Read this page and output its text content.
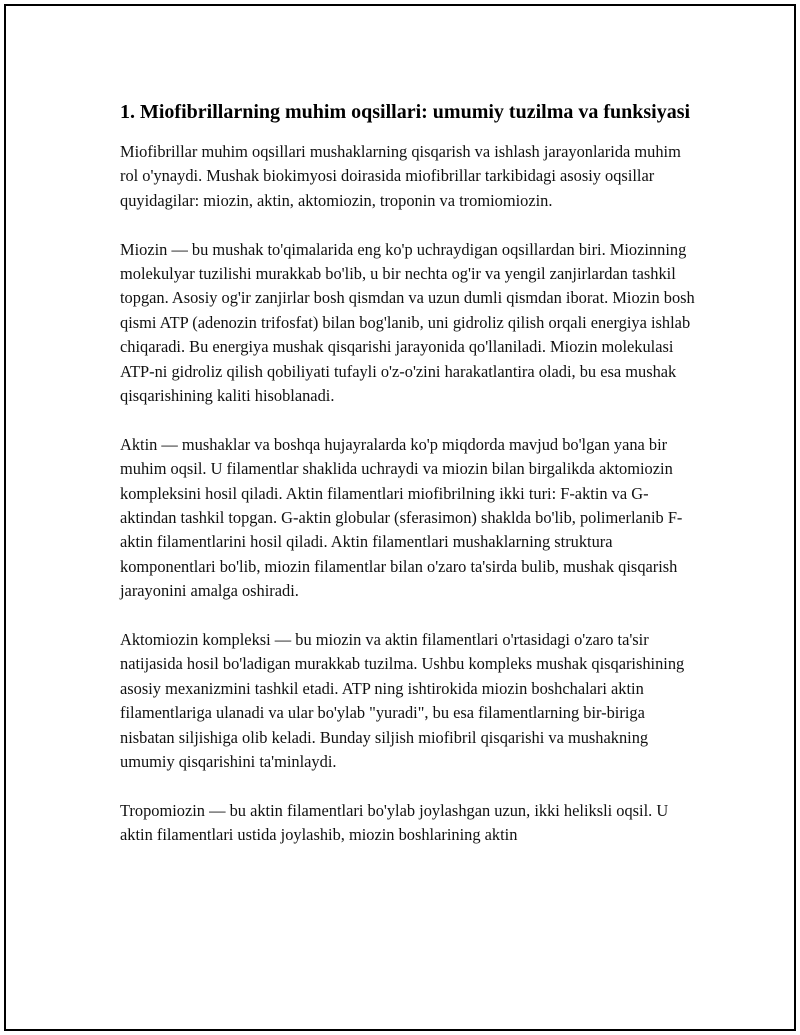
1. Miofibrillarning muhim oqsillari: umumiy tuzilma va funksiyasi

Miofibrillar muhim oqsillari mushaklarning qisqarish va ishlash jarayonlarida muhim rol o'ynaydi. Mushak biokimyosi doirasida miofibrillar tarkibidagi asosiy oqsillar quyidagilar: miozin, aktin, aktomiozin, troponin va tromiomiozin.

Miozin — bu mushak to'qimalarida eng ko'p uchraydigan oqsillardan biri. Miozinning molekulyar tuzilishi murakkab bo'lib, u bir nechta og'ir va yengil zanjirlardan tashkil topgan. Asosiy og'ir zanjirlar bosh qismdan va uzun dumli qismdan iborat. Miozin bosh qismi ATP (adenozin trifosfat) bilan bog'lanib, uni gidroliz qilish orqali energiya ishlab chiqaradi. Bu energiya mushak qisqarishi jarayonida qo'llaniladi. Miozin molekulasi ATP-ni gidroliz qilish qobiliyati tufayli o'z-o'zini harakatlantira oladi, bu esa mushak qisqarishining kaliti hisoblanadi.

Aktin — mushaklar va boshqa hujayralarda ko'p miqdorda mavjud bo'lgan yana bir muhim oqsil. U filamentlar shaklida uchraydi va miozin bilan birgalikda aktomiozin kompleksini hosil qiladi. Aktin filamentlari miofibrilning ikki turi: F-aktin va G-aktindan tashkil topgan. G-aktin globular (sferasimon) shaklda bo'lib, polimerlanib F-aktin filamentlarini hosil qiladi. Aktin filamentlari mushaklarning struktura komponentlari bo'lib, miozin filamentlar bilan o'zaro ta'sirda bulib, mushak qisqarish jarayonini amalga oshiradi.

Aktomiozin kompleksi — bu miozin va aktin filamentlari o'rtasidagi o'zaro ta'sir natijasida hosil bo'ladigan murakkab tuzilma. Ushbu kompleks mushak qisqarishining asosiy mexanizmini tashkil etadi. ATP ning ishtirokida miozin boshchalari aktin filamentlariga ulanadi va ular bo'ylab "yuradi", bu esa filamentlarning bir-biriga nisbatan siljishiga olib keladi. Bunday siljish miofibril qisqarishi va mushakning umumiy qisqarishini ta'minlaydi.

Tropomiozin — bu aktin filamentlari bo'ylab joylashgan uzun, ikki heliksli oqsil. U aktin filamentlari ustida joylashib, miozin boshlarining aktin
